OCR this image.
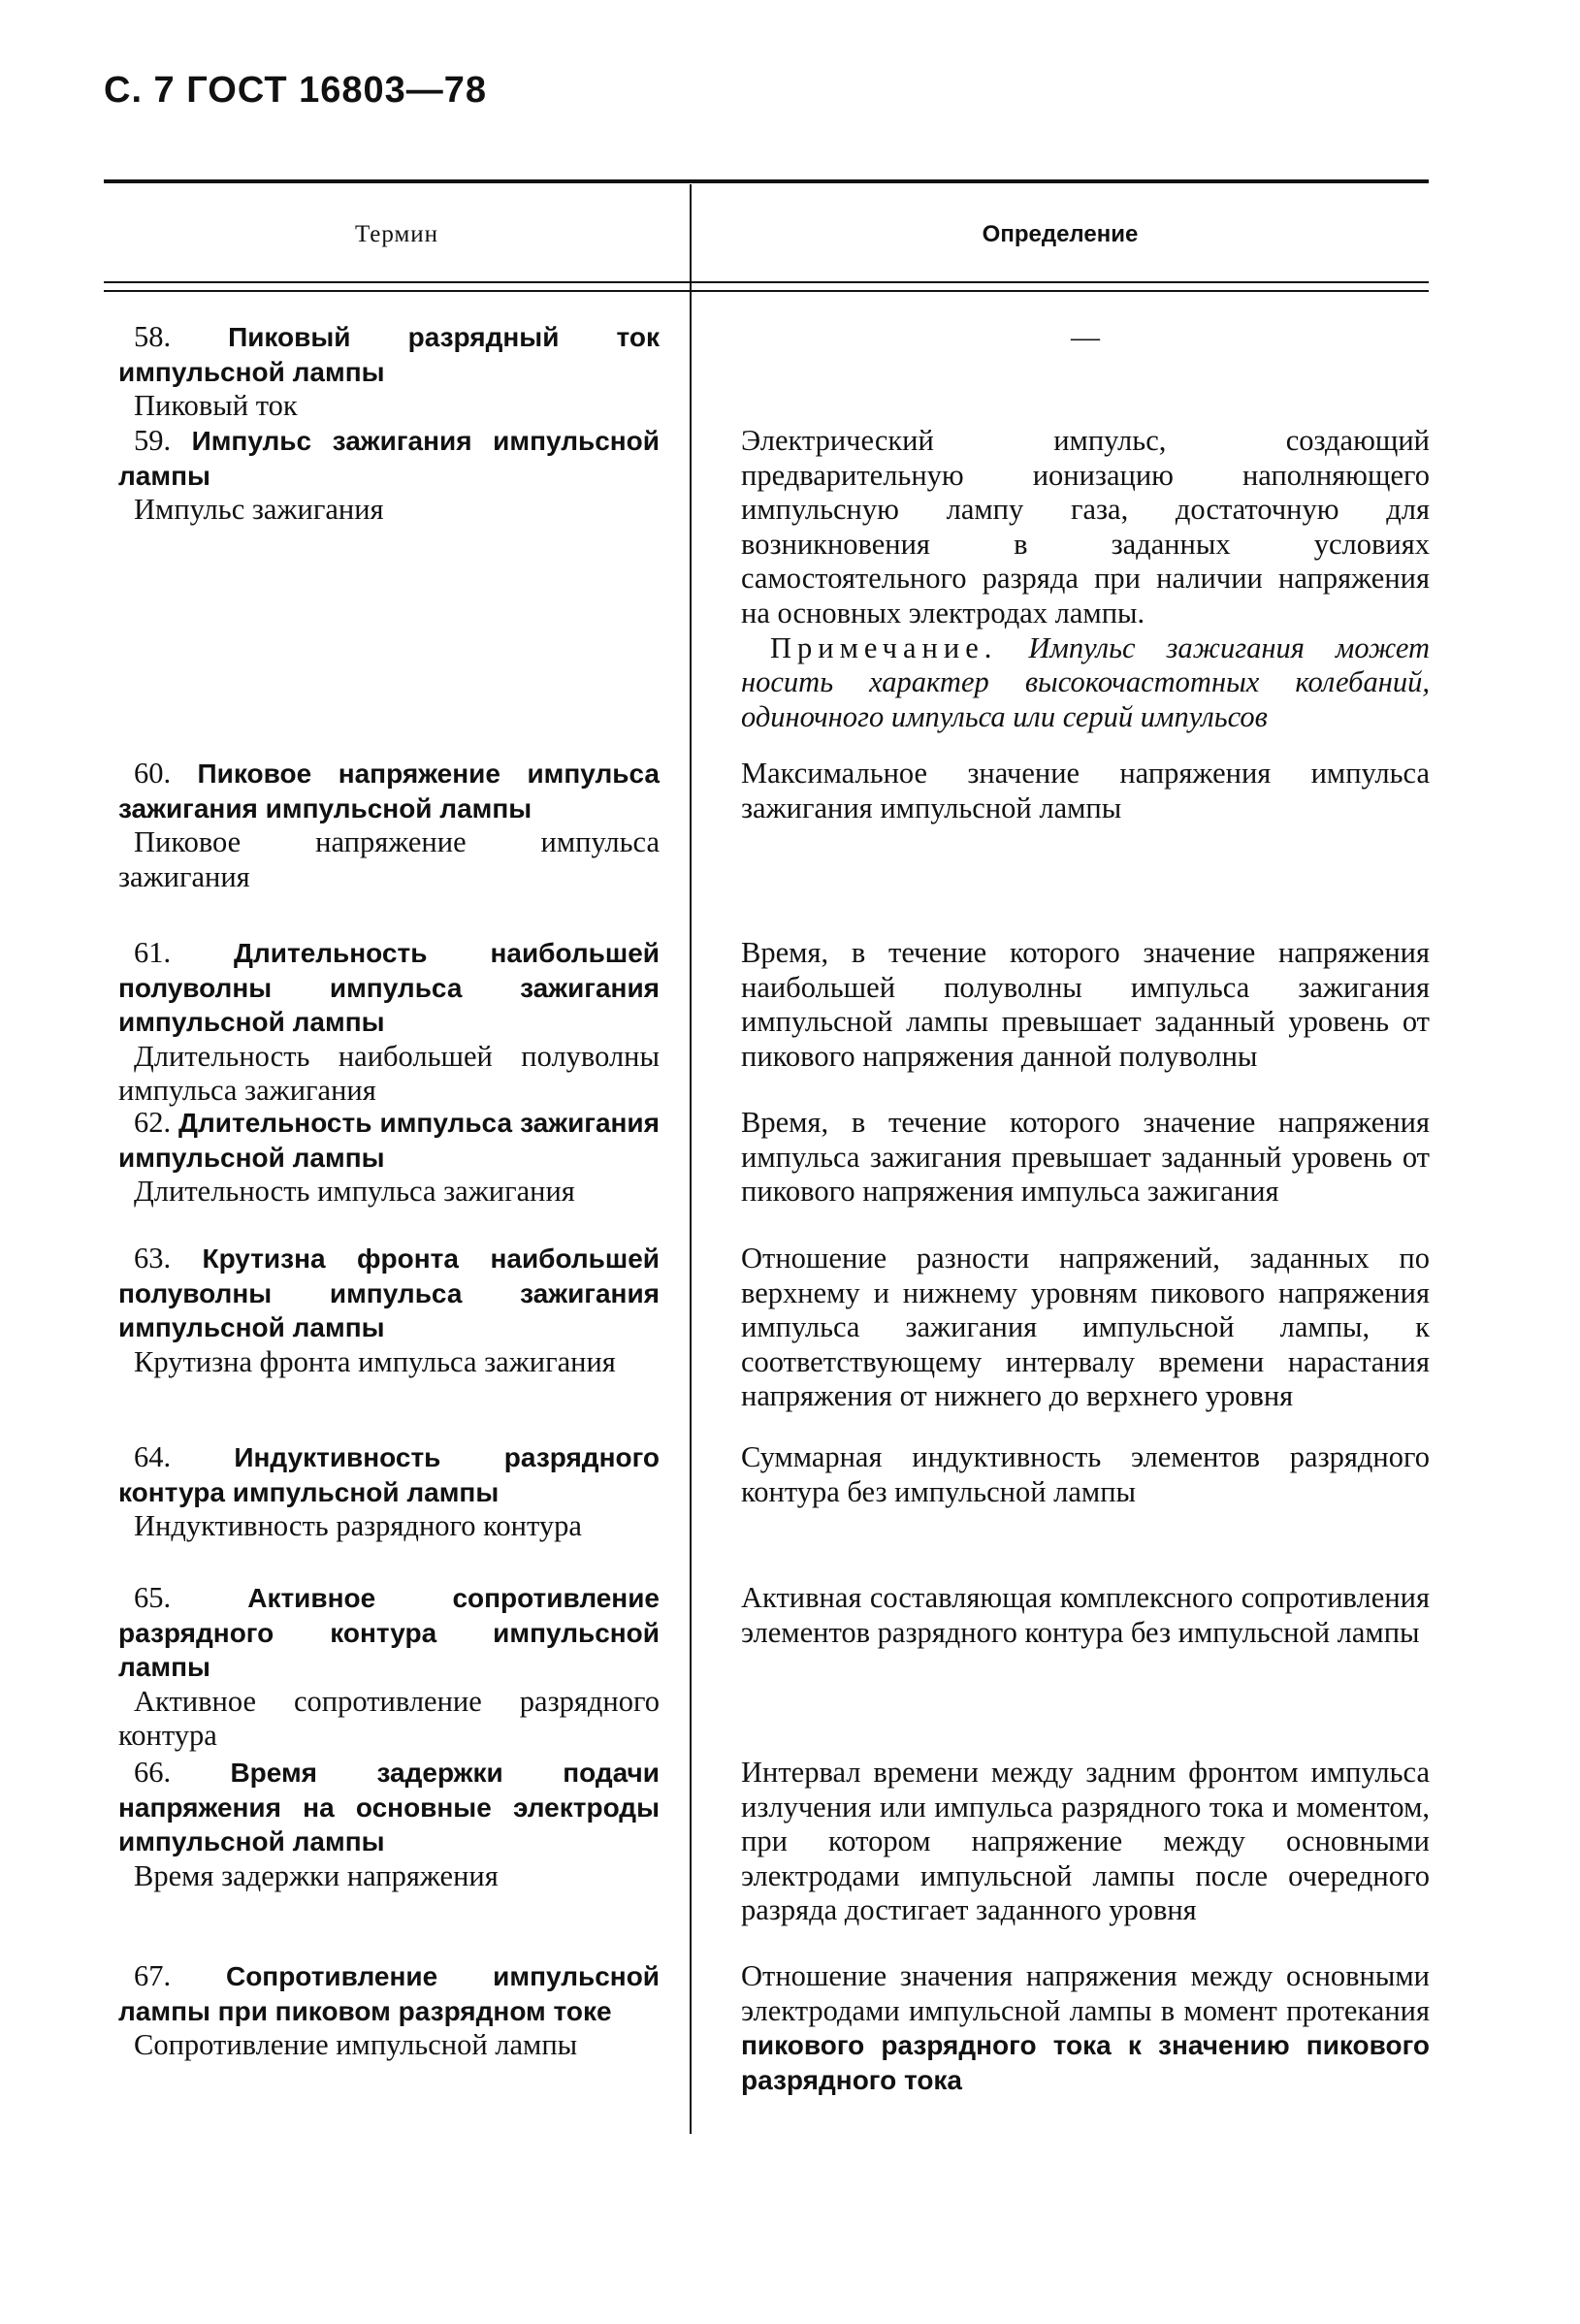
С. 7 ГОСТ 16803—78
Термин	Определение
58. Пиковый разрядный ток импульсной лампы
Пиковый ток
59. Импульс зажигания импульсной лампы
Импульс зажигания
60. Пиковое напряжение импульса зажигания импульсной лампы
Пиковое напряжение импульса зажигания
61. Длительность наибольшей полуволны импульса зажигания импульсной лампы
Длительность наибольшей полуволны импульса зажигания
62. Длительность импульса зажигания импульсной лампы
Длительность импульса зажигания
63. Крутизна фронта наибольшей полуволны импульса зажигания импульсной лампы
Крутизна фронта импульса зажигания
64. Индуктивность разрядного контура импульсной лампы
Индуктивность разрядного контура
65.	Активное сопротивление разрядного контура импульсной лампы
Активное сопротивление разрядного контура
66. Время задержки подачи напряжения на основные электроды импульсной лампы
Время задержки напряжения
67. Сопротивление импульсной лампы при пиковом разрядном токе
Сопротивление импульсной лампы
—
Электрический импульс, создающий предварительную ионизацию наполняющего импульсную лампу газа, достаточную для возникновения в заданных условиях самостоятельного разряда при наличии напряжения на основных электродах лампы.
Примечание. Импульс зажигания может носить характер высокочастотных колебаний, одиночного импульса или серий импульсов
Максимальное значение напряжения импульса зажигания импульсной лампы
Время, в течение которого значение напряжения наибольшей полуволны импульса зажигания импульсной лампы превышает заданный уровень от пикового напряжения данной полуволны
Время, в течение которого значение напряжения импульса зажигания превышает заданный уровень от пикового напряжения импульса зажигания
Отношение разности напряжений, заданных по верхнему и нижнему уровням пикового напряжения импульса зажигания импульсной лампы, к соответствующему интервалу времени нарастания напряжения от нижнего до верхнего уровня
Суммарная индуктивность элементов разрядного контура без импульсной лампы
Активная составляющая комплексного сопротивления элементов разрядного контура без импульсной лампы
Интервал времени между задним фронтом импульса излучения или импульса разрядного тока и моментом, при котором напряжение между основными электродами импульсной лампы после очередного разряда достигает заданного уровня
Отношение значения напряжения между основными электродами импульсной лампы в момент протекания пикового разрядного тока к значению пикового разрядного тока
